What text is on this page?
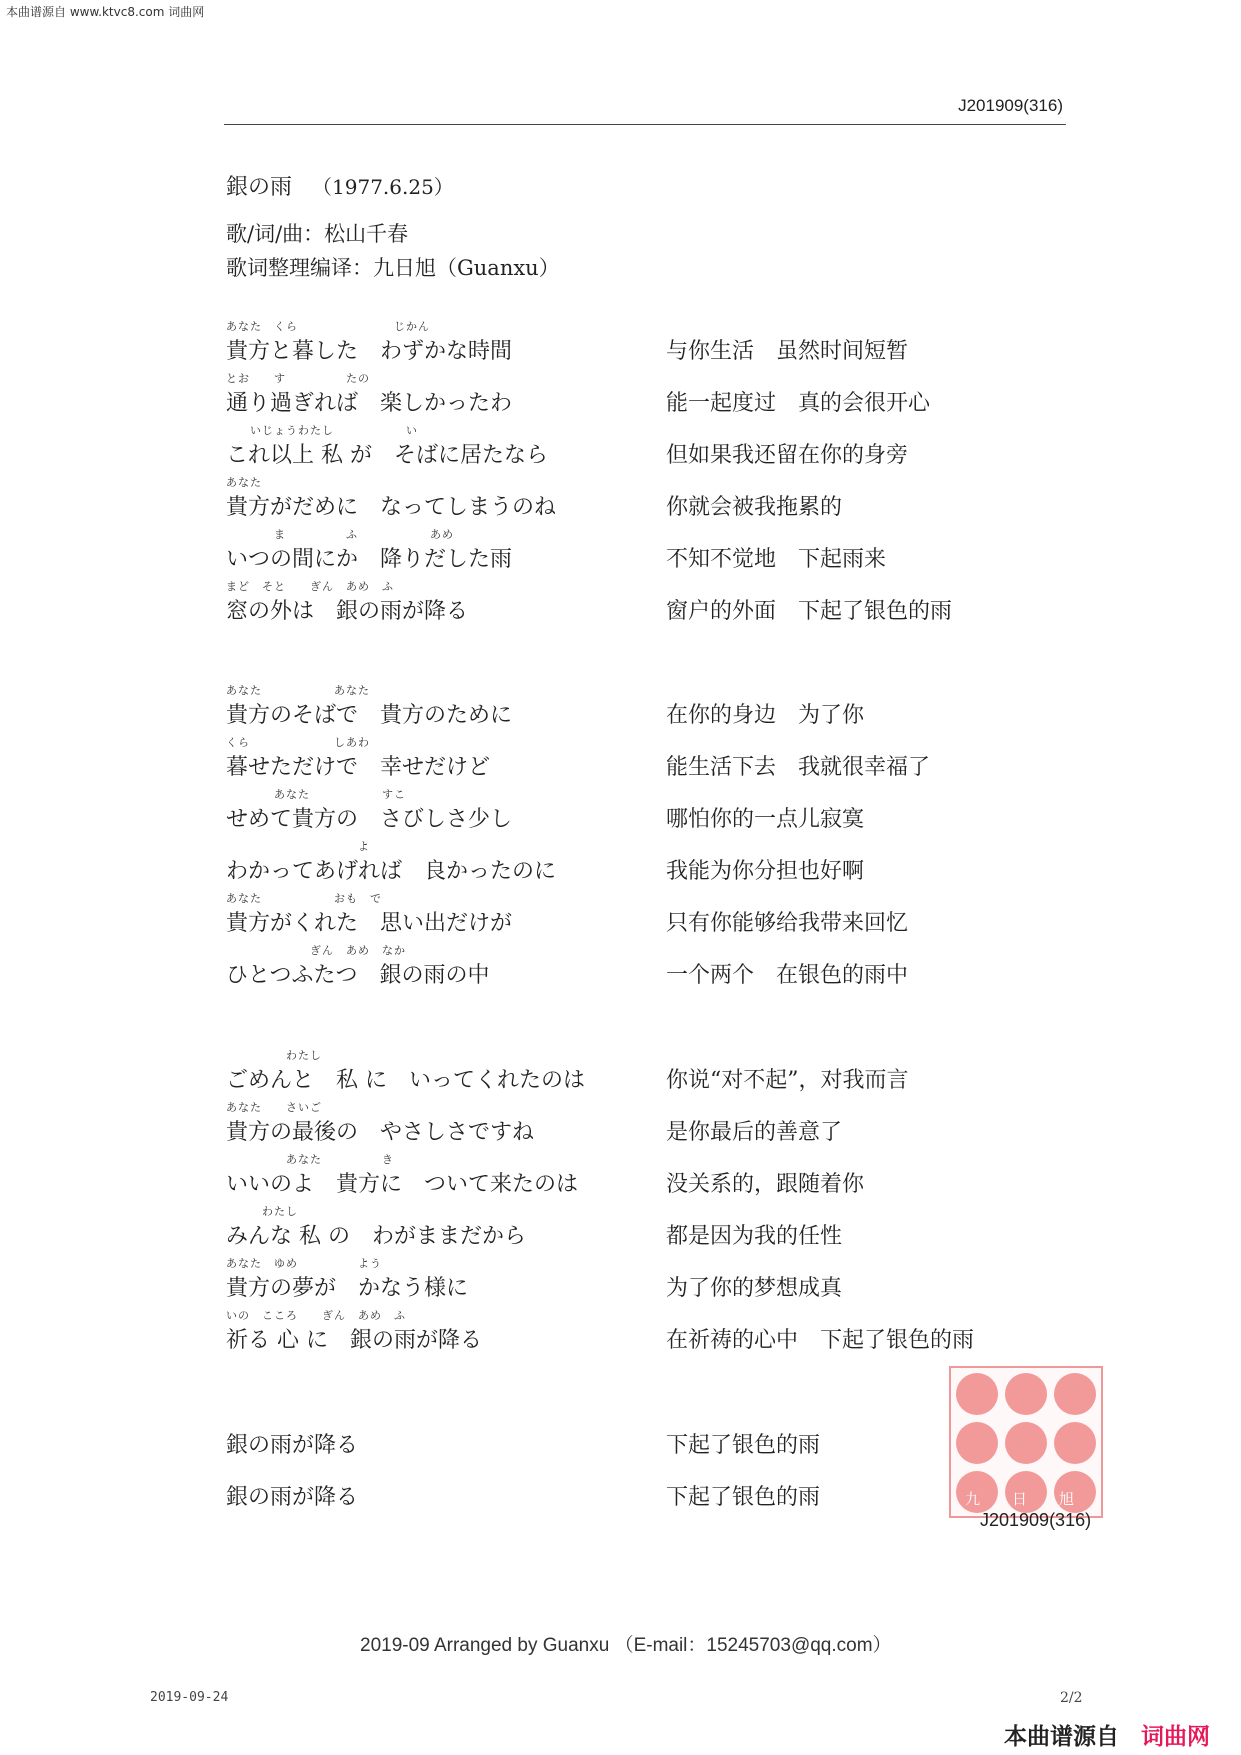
本曲谱源自 www.ktvc8.com 词曲网
J201909(316)
銀の雨 （1977.6.25）
歌/词/曲：松山千春
歌词整理编译：九日旭（Guanxu）
あなた　くら　　　　　　　　じかん
貴方と暮した　わずかな時間	与你生活　虽然时间短暂
とお　　す　　　　　たの
通り過ぎれば　楽しかったわ	能一起度过　真的会很开心
　　いじょうわたし　　　　　　い
これ以上 私 が　そばに居たなら	但如果我还留在你的身旁
あなた
貴方がだめに　なってしまうのね	你就会被我拖累的
　　　　ま　　　　　ふ　　　　　　あめ
いつの間にか　降りだした雨	不知不觉地　下起雨来
まど　そと　　ぎん　あめ　ふ
窓の外は　銀の雨が降る	窗户的外面　下起了银色的雨
あなた　　　　　　あなた
貴方のそばで　貴方のために	在你的身边　为了你
くら　　　　　　　しあわ
暮せただけで　幸せだけど	能生活下去　我就很幸福了
　　　　あなた　　　　　　すこ
せめて貴方の　さびしさ少し	哪怕你的一点儿寂寞
　　　　　　　　　　　よ
わかってあげれば　良かったのに	我能为你分担也好啊
あなた　　　　　　おも　で
貴方がくれた　思い出だけが	只有你能够给我带来回忆
　　　　　　　ぎん　あめ　なか
ひとつふたつ　銀の雨の中	一个两个　在银色的雨中
　　　　　わたし
ごめんと　私 に　いってくれたのは	你说“对不起”，对我而言
あなた　　さいご
貴方の最後の　やさしさですね	是你最后的善意了
　　　　　あなた　　　　　き
いいのよ　貴方に　ついて来たのは	没关系的，跟随着你
　　　わたし
みんな 私 の　わがままだから	都是因为我的任性
あなた　ゆめ　　　　　よう
貴方の夢が　かなう様に	为了你的梦想成真
いの　こころ　　ぎん　あめ　ふ
祈る 心 に　銀の雨が降る	在祈祷的心中　下起了银色的雨
銀の雨が降る	下起了银色的雨
銀の雨が降る	下起了银色的雨	九日旭
J201909(316)
2019-09 Arranged by Guanxu （E-mail：15245703@qq.com）
2019-09-24	2/2
本曲谱源自 词曲网
